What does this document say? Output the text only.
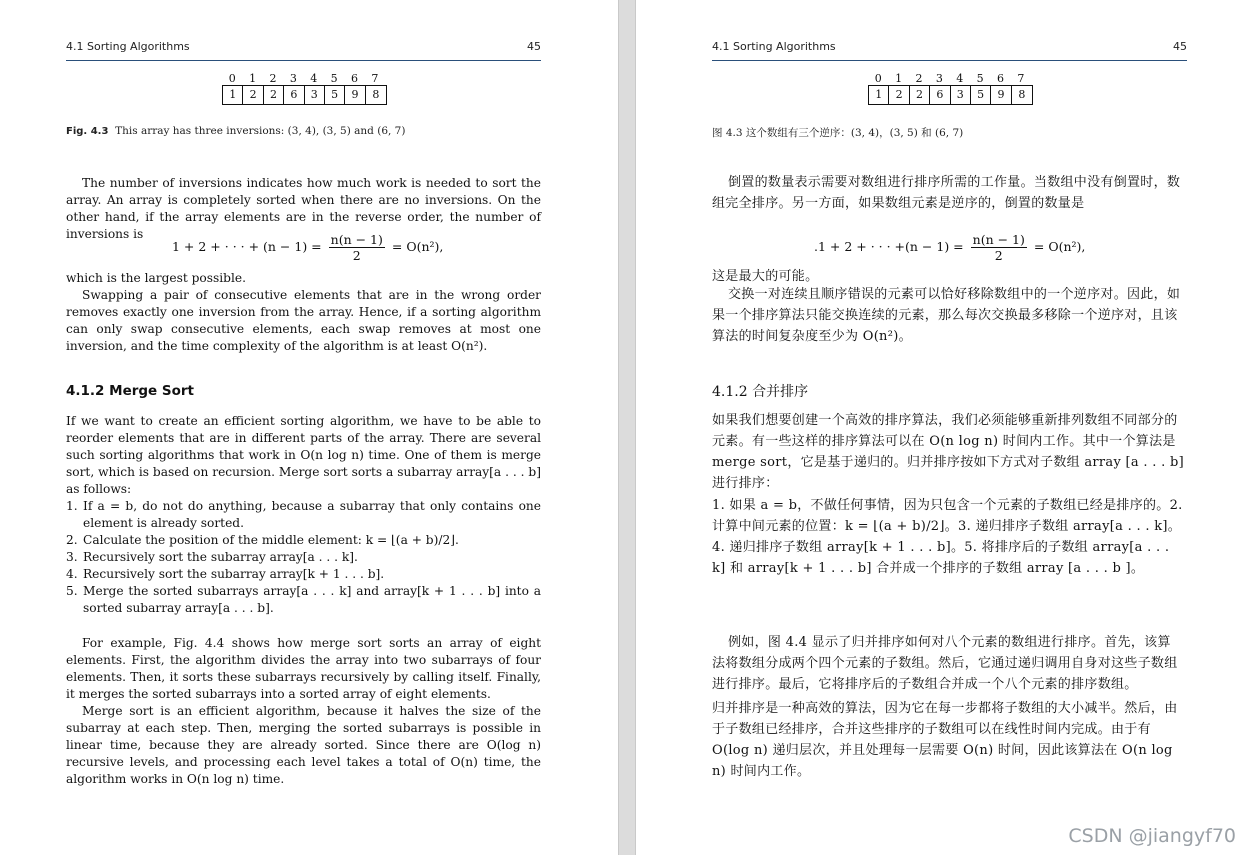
4.1 Sorting Algorithms	45
0	1	2	3	4	5	6	7
1	2	2	6	3	5	9	8
Fig. 4.3 This array has three inversions: (3, 4), (3, 5) and (6, 7)
The number of inversions indicates how much work is needed to sort the array. An array is completely sorted when there are no inversions. On the other hand, if the array elements are in the reverse order, the number of inversions is
1 + 2 + · · · + $(n - 1) = \frac{n(n - 1)}{2} = O(n^2)$,
which is the largest possible.
Swapping a pair of consecutive elements that are in the wrong order removes exactly one inversion from the array. Hence, if a sorting algorithm can only swap consecutive elements, each swap removes at most one inversion, and the time complexity of the algorithm is at least O(n²).
4.1.2 Merge Sort
If we want to create an efficient sorting algorithm, we have to be able to reorder elements that are in different parts of the array. There are several such sorting algorithms that work in O(n log n) time. One of them is merge sort, which is based on recursion. Merge sort sorts a subarray array[a . . . b] as follows:
1. If a = b, do not do anything, because a subarray that only contains one element is already sorted.
2. Calculate the position of the middle element: k = ⌊(a + b)/2⌋.
3. Recursively sort the subarray array[a . . . k].
4. Recursively sort the subarray array[k + 1 . . . b].
5. Merge the sorted subarrays array[a . . . k] and array[k + 1 . . . b] into a sorted subarray array[a . . . b].
For example, Fig. 4.4 shows how merge sort sorts an array of eight elements. First, the algorithm divides the array into two subarrays of four elements. Then, it sorts these subarrays recursively by calling itself. Finally, it merges the sorted subarrays into a sorted array of eight elements.
Merge sort is an efficient algorithm, because it halves the size of the subarray at each step. Then, merging the sorted subarrays is possible in linear time, because they are already sorted. Since there are O(log n) recursive levels, and processing each level takes a total of O(n) time, the algorithm works in O(n log n) time.
4.1 Sorting Algorithms	45
0	1	2	3	4	5	6	7
1	2	2	6	3	5	9	8
图 4.3 这个数组有三个逆序：(3, 4)，(3, 5) 和 (6, 7)
倒置的数量表示需要对数组进行排序所需的工作量。当数组中没有倒置时，数组完全排序。另一方面，如果数组元素是逆序的，倒置的数量是
.1 + 2 + · · · $+(n - 1) = \frac{n(n - 1)}{2} = O(n^2)$,
这是最大的可能。
交换一对连续且顺序错误的元素可以恰好移除数组中的一个逆序对。因此，如果一个排序算法只能交换连续的元素，那么每次交换最多移除一个逆序对，且该算法的时间复杂度至少为 O(n²)。
4.1.2 合并排序
如果我们想要创建一个高效的排序算法，我们必须能够重新排列数组不同部分的元素。有一些这样的排序算法可以在 O(n log n) 时间内工作。其中一个算法是 merge sort，它是基于递归的。归并排序按如下方式对子数组 array [a . . . b] 进行排序：
1. 如果 a = b，不做任何事情，因为只包含一个元素的子数组已经是排序的。2. 计算中间元素的位置：k = ⌊(a + b)/2⌋。3. 递归排序子数组 array[a . . . k]。4. 递归排序子数组 array[k + 1 . . . b]。5. 将排序后的子数组 array[a . . . k] 和 array[k + 1 . . . b] 合并成一个排序的子数组 array [a . . . b ]。
例如，图 4.4 显示了归并排序如何对八个元素的数组进行排序。首先，该算法将数组分成两个四个元素的子数组。然后，它通过递归调用自身对这些子数组进行排序。最后，它将排序后的子数组合并成一个八个元素的排序数组。
归并排序是一种高效的算法，因为它在每一步都将子数组的大小减半。然后，由于子数组已经排序，合并这些排序的子数组可以在线性时间内完成。由于有 O(log n) 递归层次，并且处理每一层需要 O(n) 时间，因此该算法在 O(n log n) 时间内工作。
CSDN @jiangyf70
